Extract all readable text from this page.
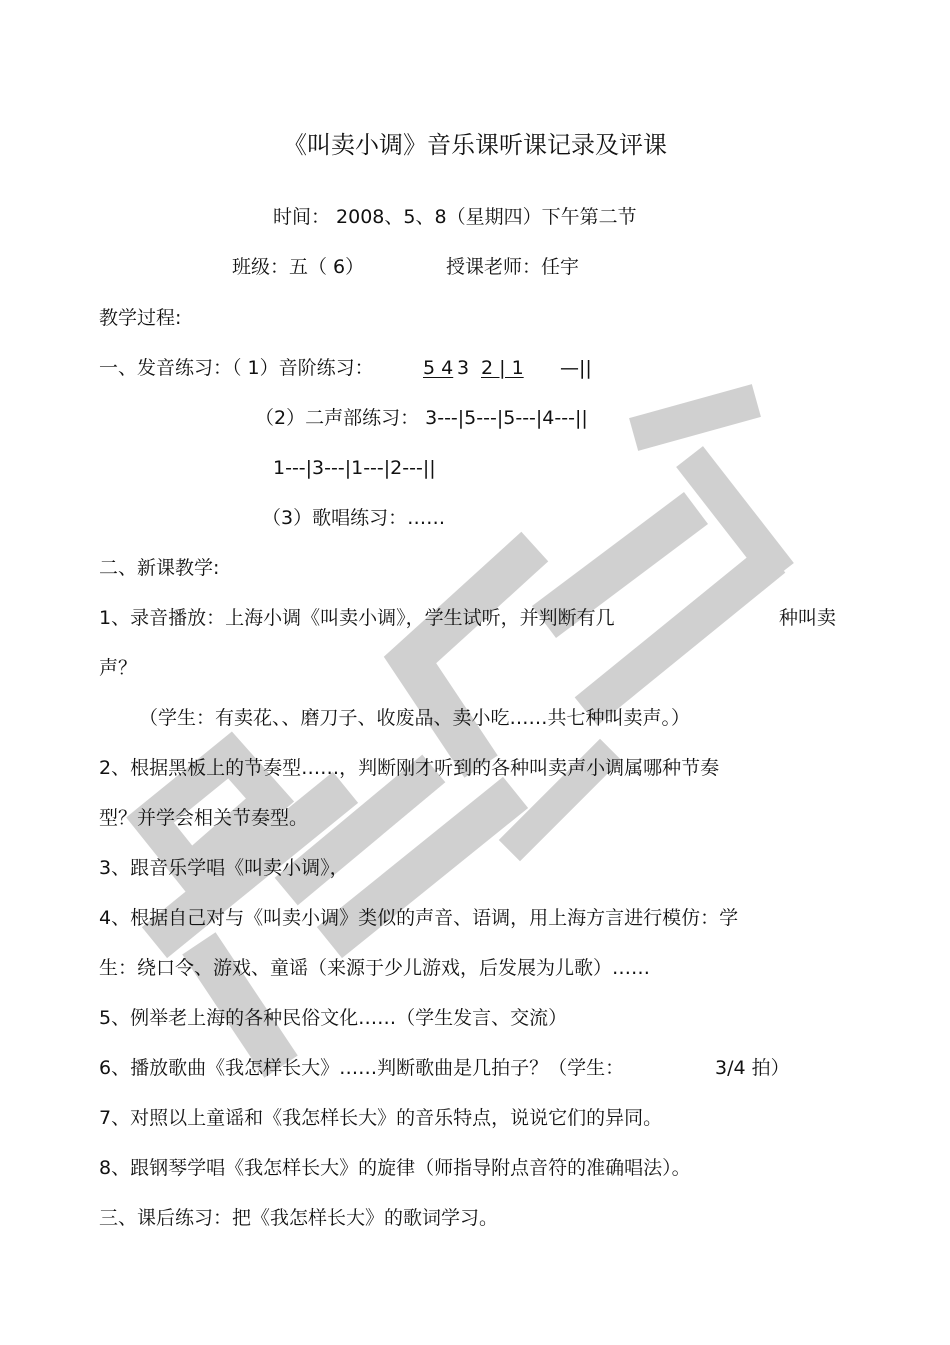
《叫卖小调》音乐课听课记录及评课
时间： 2008、5、8（星期四）下午第二节
班级：五（ 6）	授课老师：任宇
教学过程:
一、发音练习：（ 1）音阶练习：	5 4 3 2 | 1 —||
（2）二声部练习： 3---|5---|5---|4---||
1---|3---|1---|2---||
（3）歌唱练习：……
二、新课教学:
1、录音播放：上海小调《叫卖小调》，学生试听，并判断有几	种叫卖
声？
（学生：有卖花、、磨刀子、收废品、卖小吃……共七种叫卖声。）
2、根据黑板上的节奏型……，判断刚才听到的各种叫卖声小调属哪种节奏
型？并学会相关节奏型。
3、跟音乐学唱《叫卖小调》，
4、根据自己对与《叫卖小调》类似的声音、语调，用上海方言进行模仿：学
生：绕口令、游戏、童谣（来源于少儿游戏，后发展为儿歌）……
5、例举老上海的各种民俗文化……（学生发言、交流）
6、播放歌曲《我怎样长大》……判断歌曲是几拍子？（学生：	3/4 拍）
7、对照以上童谣和《我怎样长大》的音乐特点，说说它们的异同。
8、跟钢琴学唱《我怎样长大》的旋律（师指导附点音符的准确唱法）。
三、课后练习：把《我怎样长大》的歌词学习。
